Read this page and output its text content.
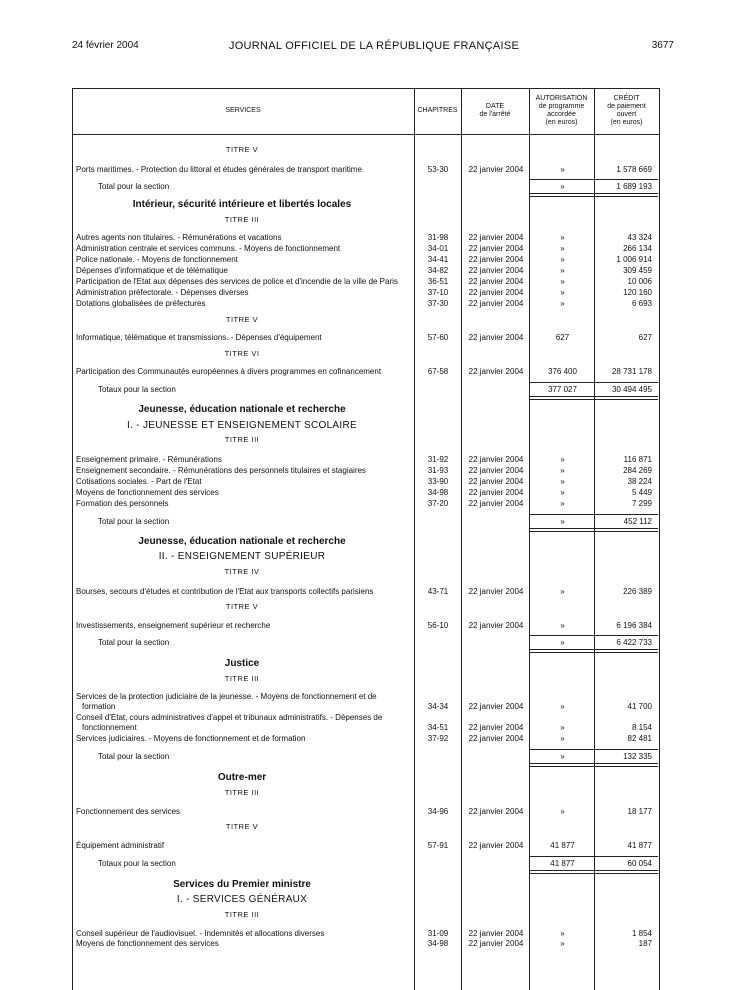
24 février 2004	JOURNAL OFFICIEL DE LA RÉPUBLIQUE FRANÇAISE	3677
SERVICES	CHAPITRES
DATE
de l'arrêté
AUTORISATION
de programme
accordée
(en euros)
CRÉDIT
de paiement
ouvert
(en euros)
TITRE V
Ports maritimes. - Protection du littoral et études générales de transport maritime	53-30	22 janvier 2004	»	1 578 669
Total pour la section	»	1 689 193
Intérieur, sécurité intérieure et libertés locales
TITRE III
Autres agents non titulaires. - Rémunérations et vacations	31-98	22 janvier 2004	»	43 324
Administration centrale et services communs. - Moyens de fonctionnement	34-01	22 janvier 2004	»	266 134
Police nationale. - Moyens de fonctionnement	34-41	22 janvier 2004	»	1 006 914
Dépenses d'informatique et de télématique	34-82	22 janvier 2004	»	309 459
Participation de l'Etat aux dépenses des services de police et d'incendie de la ville de Paris	36-51	22 janvier 2004	»	10 006
Administration préfectorale. - Dépenses diverses	37-10	22 janvier 2004	»	120 160
Dotations globalisées de préfectures	37-30	22 janvier 2004	»	6 693
TITRE V
Informatique, télématique et transmissions. - Dépenses d'équipement	57-60	22 janvier 2004	627	627
TITRE VI
Participation des Communautés européennes à divers programmes en cofinancement	67-58	22 janvier 2004	376 400	28 731 178
Totaux pour la section	377 027	30 494 495
Jeunesse, éducation nationale et recherche
I. - JEUNESSE ET ENSEIGNEMENT SCOLAIRE
TITRE III
Enseignement primaire. - Rémunérations	31-92	22 janvier 2004	»	116 871
Enseignement secondaire. - Rémunérations des personnels titulaires et stagiaires	31-93	22 janvier 2004	»	284 269
Cotisations sociales. - Part de l'Etat	33-90	22 janvier 2004	»	38 224
Moyens de fonctionnement des services	34-98	22 janvier 2004	»	5 449
Formation des personnels	37-20	22 janvier 2004	»	7 299
Total pour la section	»	452 112
Jeunesse, éducation nationale et recherche
II. - ENSEIGNEMENT SUPÉRIEUR
TITRE IV
Bourses, secours d'études et contribution de l'Etat aux transports collectifs parisiens	43-71	22 janvier 2004	»	226 389
TITRE V
Investissements, enseignement supérieur et recherche	56-10	22 janvier 2004	»	6 196 384
Total pour la section	»	6 422 733
Justice
TITRE III
Services de la protection judiciaire de la jeunesse. - Moyens de fonctionnement et de
formation	34-34	22 janvier 2004	»	41 700
Conseil d'Etat, cours administratives d'appel et tribunaux administratifs. - Dépenses de
fonctionnement	34-51	22 janvier 2004	»	8 154
Services judiciaires. - Moyens de fonctionnement et de formation	37-92	22 janvier 2004	»	82 481
Total pour la section	»	132 335
Outre-mer
TITRE III
Fonctionnement des services	34-96	22 janvier 2004	»	18 177
TITRE V
Équipement administratif	57-91	22 janvier 2004	41 877	41 877
Totaux pour la section	41 877	60 054
Services du Premier ministre
I. - SERVICES GÉNÉRAUX
TITRE III
Conseil supérieur de l'audiovisuel. - Indemnités et allocations diverses	31-09	22 janvier 2004	»	1 854
Moyens de fonctionnement des services	34-98	22 janvier 2004	»	187
